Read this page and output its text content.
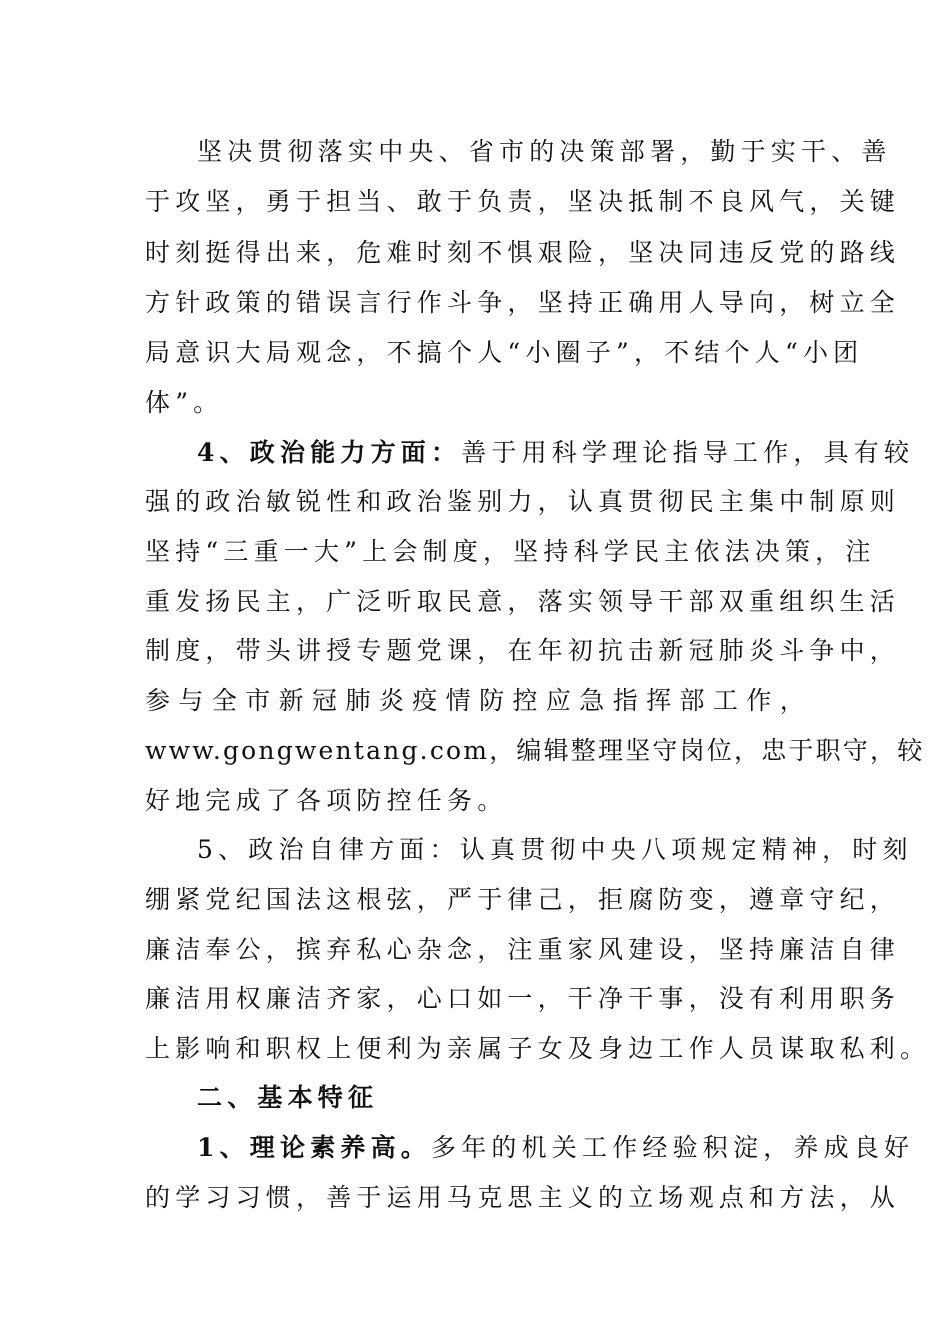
坚决贯彻落实中央、省市的决策部署，勤于实干、善
于攻坚，勇于担当、敢于负责，坚决抵制不良风气，关键
时刻挺得出来，危难时刻不惧艰险，坚决同违反党的路线
方针政策的错误言行作斗争，坚持正确用人导向，树立全
局意识大局观念，不搞个人“小圈子”，不结个人“小团
体”。
4、政治能力方面：善于用科学理论指导工作，具有较
强的政治敏锐性和政治鉴别力，认真贯彻民主集中制原则
坚持“三重一大”上会制度，坚持科学民主依法决策，注
重发扬民主，广泛听取民意，落实领导干部双重组织生活
制度，带头讲授专题党课，在年初抗击新冠肺炎斗争中，
参 与 全 市 新 冠 肺 炎 疫 情 防 控 应 急 指 挥 部 工 作 ，
www.gongwentang.com，编辑整理坚守岗位，忠于职守，较
好地完成了各项防控任务。
5、政治自律方面：认真贯彻中央八项规定精神，时刻
绷紧党纪国法这根弦，严于律己，拒腐防变，遵章守纪，
廉洁奉公，摈弃私心杂念，注重家风建设，坚持廉洁自律
廉洁用权廉洁齐家，心口如一，干净干事，没有利用职务
上影响和职权上便利为亲属子女及身边工作人员谋取私利。
二、基本特征
1、理论素养高。多年的机关工作经验积淀，养成良好
的学习习惯，善于运用马克思主义的立场观点和方法，从
